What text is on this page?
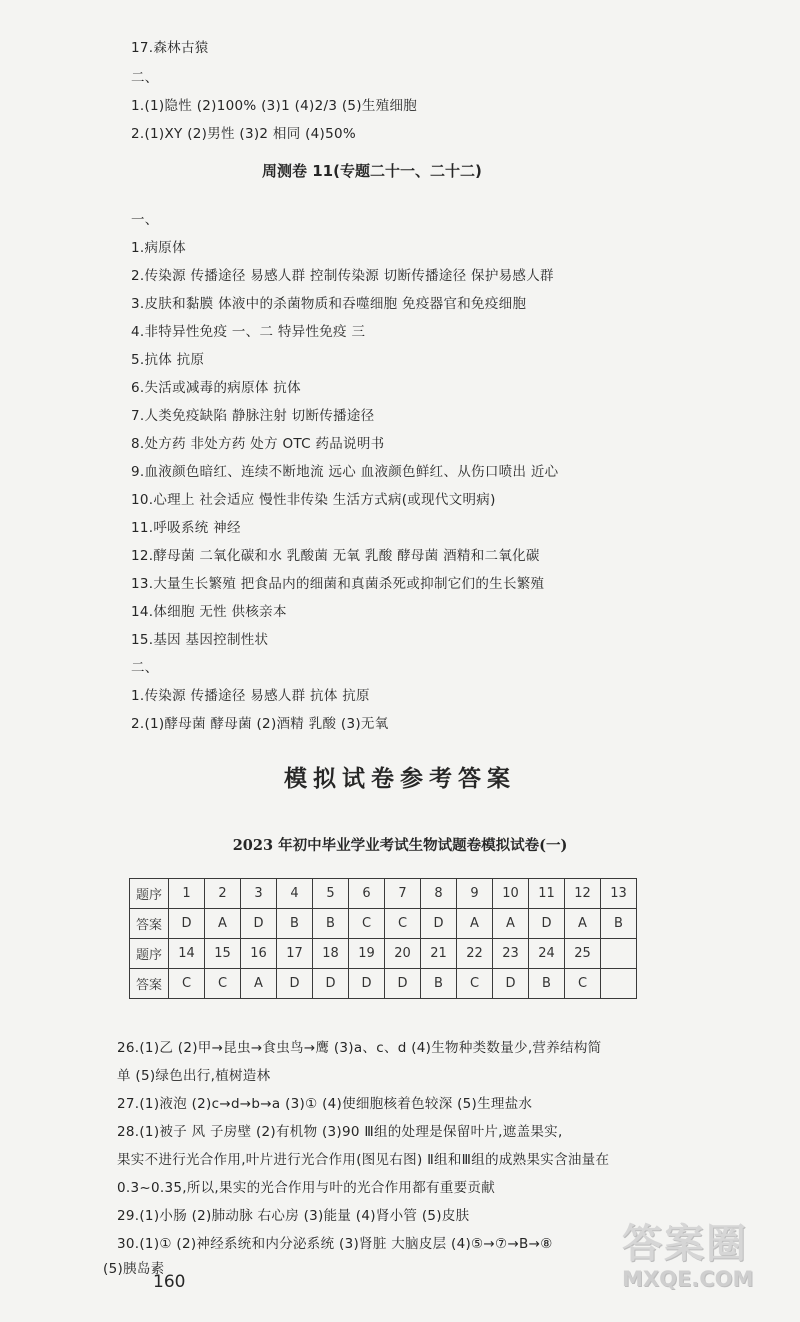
17.森林古猿
二、
1.(1)隐性 (2)100% (3)1 (4)2/3 (5)生殖细胞
2.(1)XY (2)男性 (3)2 相同 (4)50%
周测卷 11(专题二十一、二十二)
一、
1.病原体
2.传染源 传播途径 易感人群 控制传染源 切断传播途径 保护易感人群
3.皮肤和黏膜 体液中的杀菌物质和吞噬细胞 免疫器官和免疫细胞
4.非特异性免疫 一、二 特异性免疫 三
5.抗体 抗原
6.失活或减毒的病原体 抗体
7.人类免疫缺陷 静脉注射 切断传播途径
8.处方药 非处方药 处方 OTC 药品说明书
9.血液颜色暗红、连续不断地流 远心 血液颜色鲜红、从伤口喷出 近心
10.心理上 社会适应 慢性非传染 生活方式病(或现代文明病)
11.呼吸系统 神经
12.酵母菌 二氧化碳和水 乳酸菌 无氧 乳酸 酵母菌 酒精和二氧化碳
13.大量生长繁殖 把食品内的细菌和真菌杀死或抑制它们的生长繁殖
14.体细胞 无性 供核亲本
15.基因 基因控制性状
二、
1.传染源 传播途径 易感人群 抗体 抗原
2.(1)酵母菌 酵母菌 (2)酒精 乳酸 (3)无氧
模拟试卷参考答案
2023 年初中毕业学业考试生物试题卷模拟试卷(一)
题序	1	2	3	4	5	6	7	8	9	10	11	12	13
答案	D	A	D	B	B	C	C	D	A	A	D	A	B
题序	14	15	16	17	18	19	20	21	22	23	24	25	
答案	C	C	A	D	D	D	D	B	C	D	B	C	
26.(1)乙 (2)甲→昆虫→食虫鸟→鹰 (3)a、c、d (4)生物种类数量少,营养结构简
单 (5)绿色出行,植树造林
27.(1)液泡 (2)c→d→b→a (3)① (4)使细胞核着色较深 (5)生理盐水
28.(1)被子 风 子房壁 (2)有机物 (3)90 Ⅲ组的处理是保留叶片,遮盖果实,
果实不进行光合作用,叶片进行光合作用(图见右图) Ⅱ组和Ⅲ组的成熟果实含油量在
0.3~0.35,所以,果实的光合作用与叶的光合作用都有重要贡献
29.(1)小肠 (2)肺动脉 右心房 (3)能量 (4)肾小管 (5)皮肤
30.(1)① (2)神经系统和内分泌系统 (3)肾脏 大脑皮层 (4)⑤→⑦→B→⑧
(5)胰岛素
160
答案圈
MXQE.COM
